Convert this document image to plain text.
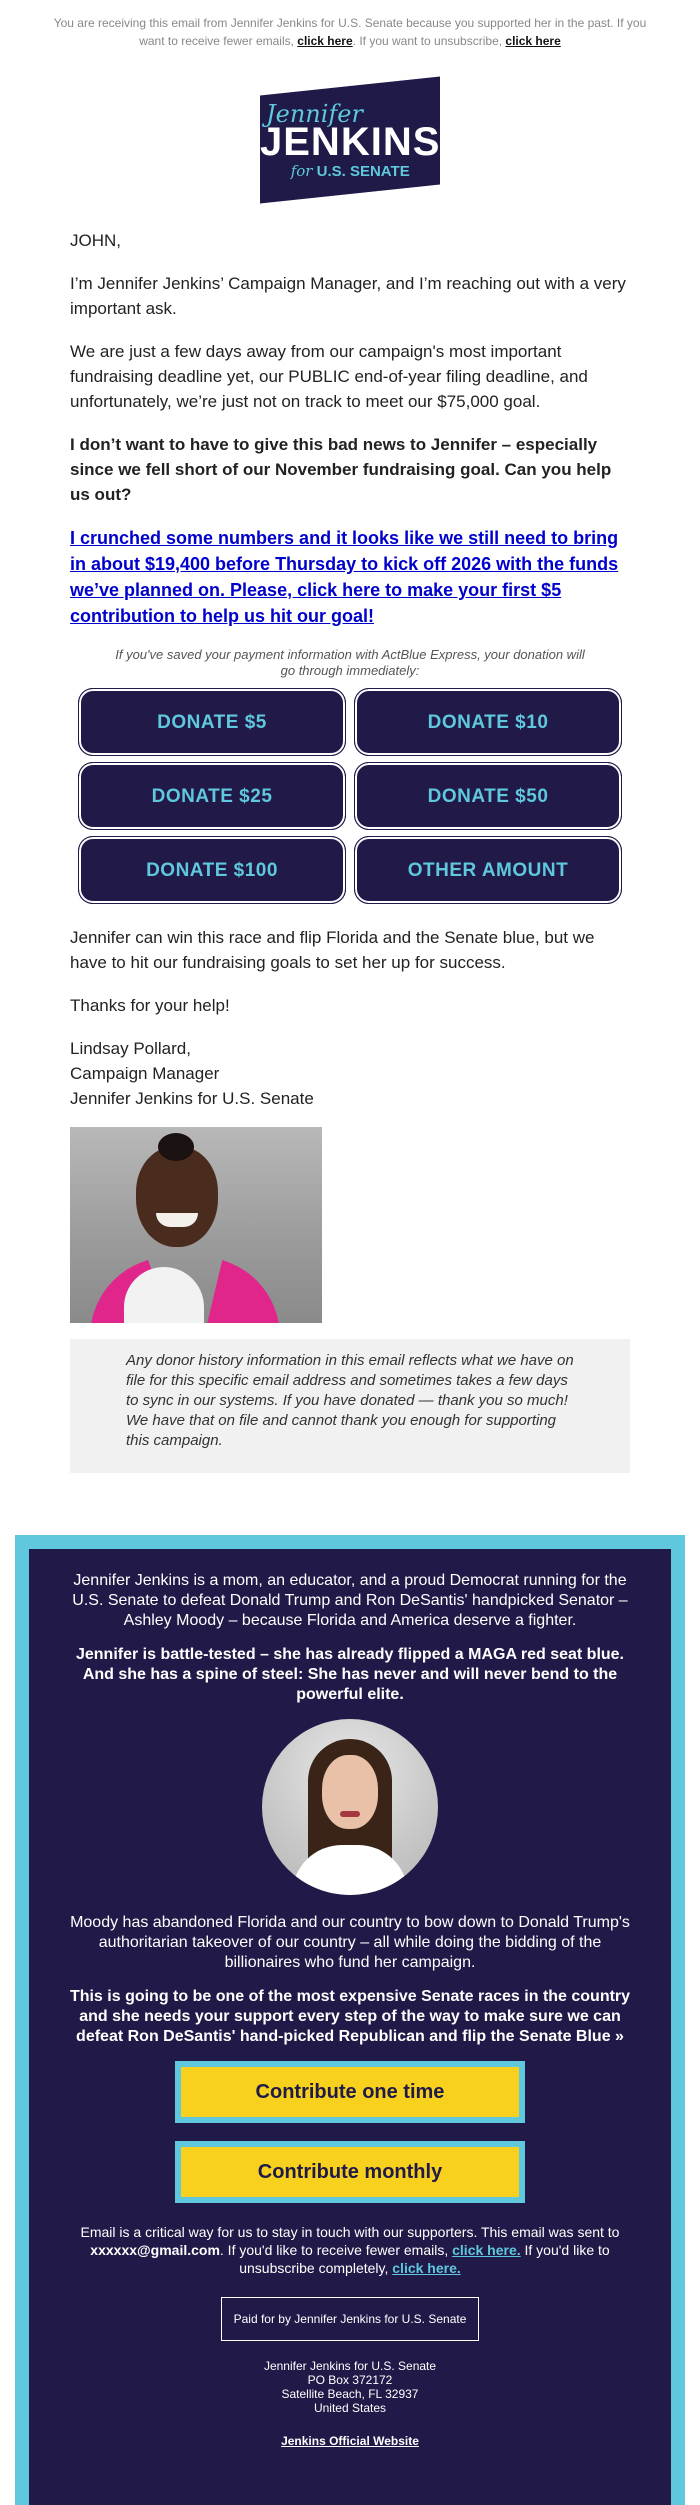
You are receiving this email from Jennifer Jenkins for U.S. Senate because you supported her in the past. If you want to receive fewer emails, click here. If you want to unsubscribe, click here
Jennifer
JENKINS
for U.S. SENATE
JOHN,
I’m Jennifer Jenkins’ Campaign Manager, and I’m reaching out with a very important ask.
We are just a few days away from our campaign's most important fundraising deadline yet, our PUBLIC end-of-year filing deadline, and unfortunately, we’re just not on track to meet our $75,000 goal.
I don’t want to have to give this bad news to Jennifer – especially since we fell short of our November fundraising goal. Can you help us out?
I crunched some numbers and it looks like we still need to bring in about $19,400 before Thursday to kick off 2026 with the funds we’ve planned on. Please, click here to make your first $5 contribution to help us hit our goal!
If you've saved your payment information with ActBlue Express, your donation will go through immediately:
DONATE $5	DONATE $10
DONATE $25	DONATE $50
DONATE $100	OTHER AMOUNT
Jennifer can win this race and flip Florida and the Senate blue, but we have to hit our fundraising goals to set her up for success.
Thanks for your help!
Lindsay Pollard,
Campaign Manager
Jennifer Jenkins for U.S. Senate
Any donor history information in this email reflects what we have on file for this specific email address and sometimes takes a few days to sync in our systems. If you have donated — thank you so much! We have that on file and cannot thank you enough for supporting this campaign.
Jennifer Jenkins is a mom, an educator, and a proud Democrat running for the U.S. Senate to defeat Donald Trump and Ron DeSantis' handpicked Senator – Ashley Moody – because Florida and America deserve a fighter.
Jennifer is battle-tested – she has already flipped a MAGA red seat blue. And she has a spine of steel: She has never and will never bend to the powerful elite.
Moody has abandoned Florida and our country to bow down to Donald Trump's authoritarian takeover of our country – all while doing the bidding of the billionaires who fund her campaign.
This is going to be one of the most expensive Senate races in the country and she needs your support every step of the way to make sure we can defeat Ron DeSantis' hand-picked Republican and flip the Senate Blue »
Contribute one time
Contribute monthly
Email is a critical way for us to stay in touch with our supporters. This email was sent to xxxxxx@gmail.com. If you'd like to receive fewer emails, click here. If you'd like to unsubscribe completely, click here.
Paid for by Jennifer Jenkins for U.S. Senate
Jennifer Jenkins for U.S. Senate
PO Box 372172
Satellite Beach, FL 32937
United States
Jenkins Official Website
